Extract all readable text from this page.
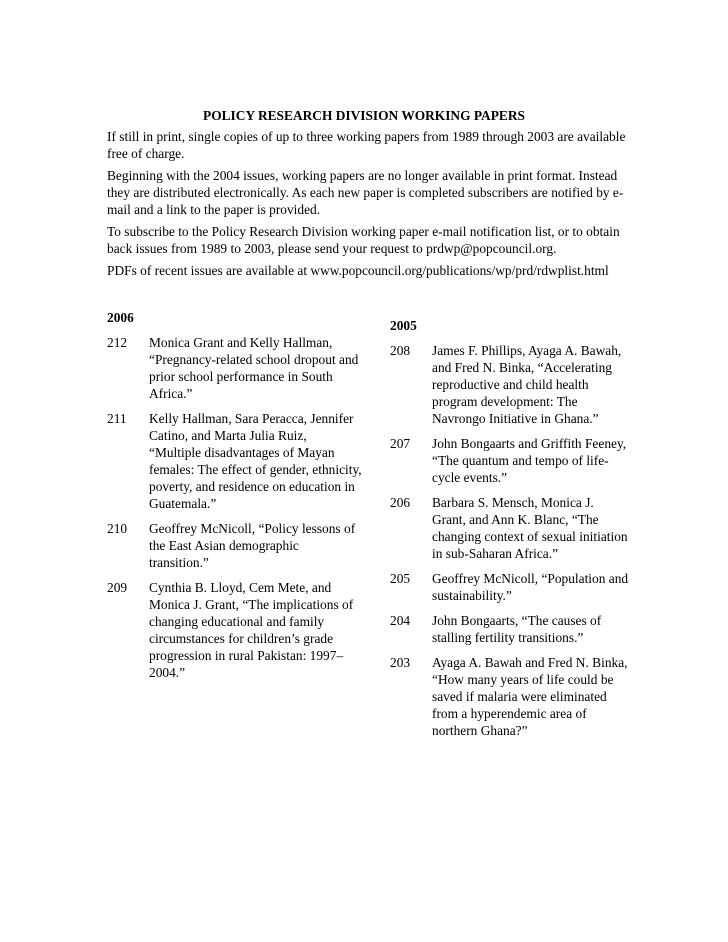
POLICY RESEARCH DIVISION WORKING PAPERS

If still in print, single copies of up to three working papers from 1989 through 2003 are available free of charge.

Beginning with the 2004 issues, working papers are no longer available in print format. Instead they are distributed electronically. As each new paper is completed subscribers are notified by e-mail and a link to the paper is provided.

To subscribe to the Policy Research Division working paper e-mail notification list, or to obtain back issues from 1989 to 2003, please send your request to prdwp@popcouncil.org.

PDFs of recent issues are available at www.popcouncil.org/publications/wp/prd/rdwplist.html

2006
212	Monica Grant and Kelly Hallman, “Pregnancy-related school dropout and prior school performance in South Africa.”
211	Kelly Hallman, Sara Peracca, Jennifer Catino, and Marta Julia Ruiz, “Multiple disadvantages of Mayan females: The effect of gender, ethnicity, poverty, and residence on education in Guatemala.”
210	Geoffrey McNicoll, “Policy lessons of the East Asian demographic transition.”
209	Cynthia B. Lloyd, Cem Mete, and Monica J. Grant, “The implications of changing educational and family circumstances for children’s grade progression in rural Pakistan: 1997–2004.”
2005
208	James F. Phillips, Ayaga A. Bawah, and Fred N. Binka, “Accelerating reproductive and child health program development: The Navrongo Initiative in Ghana.”
207	John Bongaarts and Griffith Feeney, “The quantum and tempo of life-cycle events.”
206	Barbara S. Mensch, Monica J. Grant, and Ann K. Blanc, “The changing context of sexual initiation in sub-Saharan Africa.”
205	Geoffrey McNicoll, “Population and sustainability.”
204	John Bongaarts, “The causes of stalling fertility transitions.”
203	Ayaga A. Bawah and Fred N. Binka, “How many years of life could be saved if malaria were eliminated from a hyperendemic area of northern Ghana?”
